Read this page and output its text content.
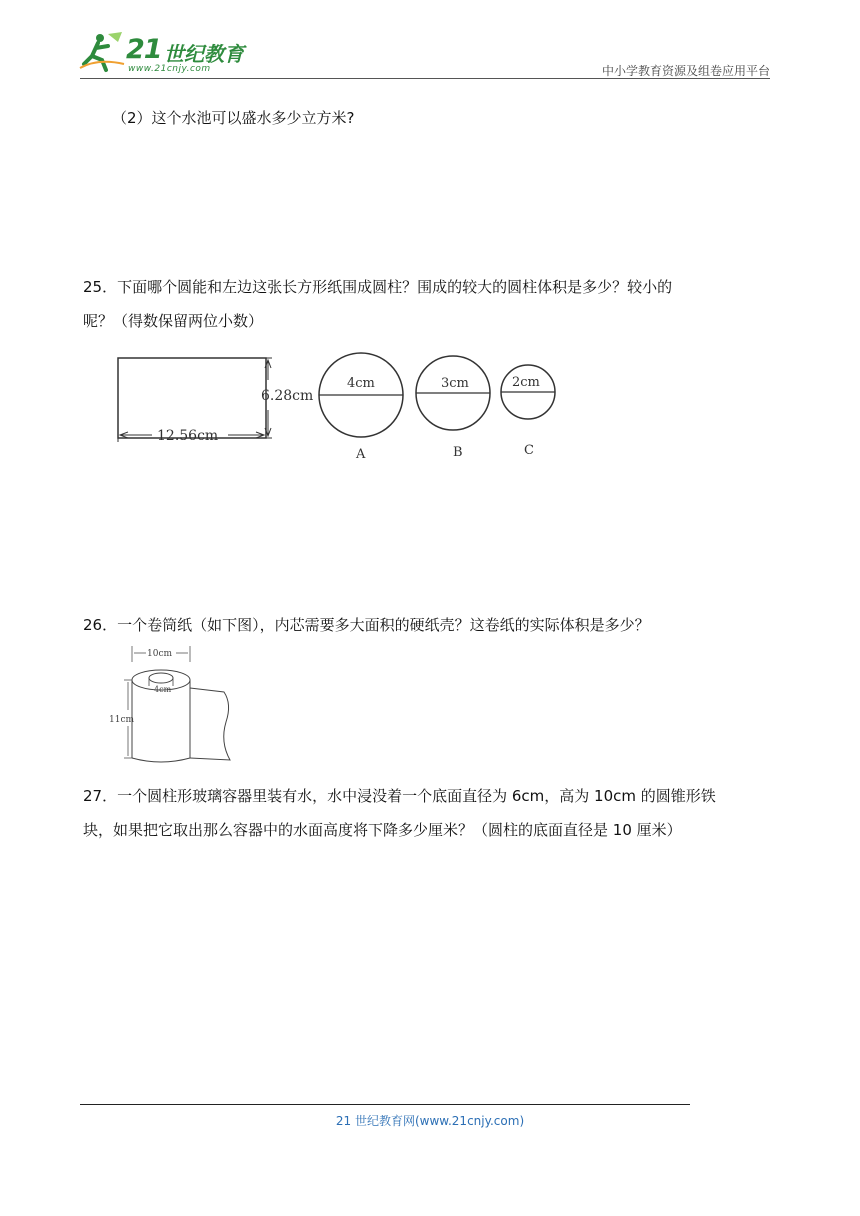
21 世纪教育
www.21cnjy.com	中小学教育资源及组卷应用平台
（2）这个水池可以盛水多少立方米?
25．下面哪个圆能和左边这张长方形纸围成圆柱？围成的较大的圆柱体积是多少？较小的
呢？（得数保留两位小数）
6.28cm
12.56cm
4cm
A
3cm
B
2cm
C
26．一个卷筒纸（如下图），内芯需要多大面积的硬纸壳？这卷纸的实际体积是多少？
10cm
4cm
11cm
27．一个圆柱形玻璃容器里装有水，水中浸没着一个底面直径为 6cm，高为 10cm 的圆锥形铁
块，如果把它取出那么容器中的水面高度将下降多少厘米？（圆柱的底面直径是 10 厘米）
21 世纪教育网(www.21cnjy.com)
